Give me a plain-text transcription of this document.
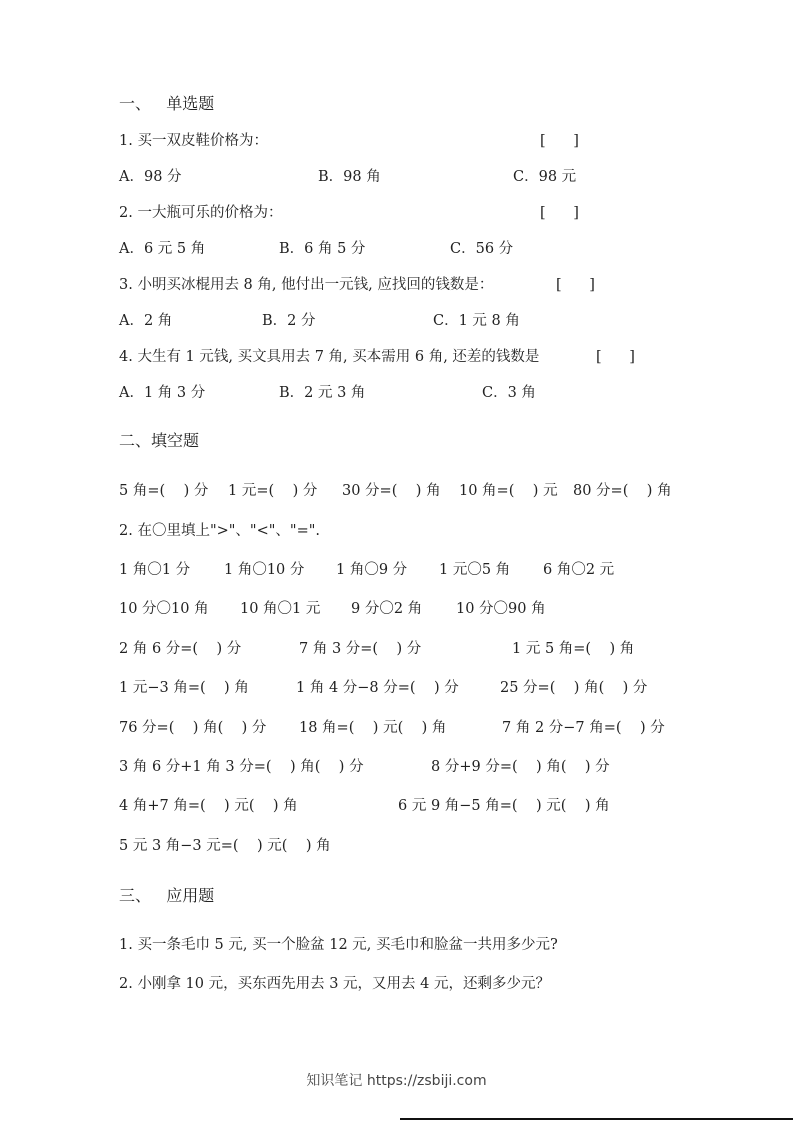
一、   单选题
1. 买一双皮鞋价格为：	[      ]
A．98 分	B．98 角	C．98 元
2. 一大瓶可乐的价格为：	[      ]
A．6 元 5 角	B．6 角 5 分	C．56 分
3. 小明买冰棍用去 8 角, 他付出一元钱, 应找回的钱数是：	[      ]
A．2 角	B．2 分	C．1 元 8 角
4. 大生有 1 元钱, 买文具用去 7 角, 买本需用 6 角, 还差的钱数是	[      ]
A．1 角 3 分	B．2 元 3 角	C．3 角
二、填空题
5 角=(    ) 分 1 元=(    ) 分 30 分=(    ) 角 10 角=(    ) 元 80 分=(    ) 角
2. 在〇里填上">"、"<"、"=".
1 角〇1 分 1 角〇10 分 1 角〇9 分 1 元〇5 角 6 角〇2 元
10 分〇10 角 10 角〇1 元 9 分〇2 角 10 分〇90 角
2 角 6 分=(    ) 分	7 角 3 分=(    ) 分	1 元 5 角=(    ) 角
1 元−3 角=(    ) 角	1 角 4 分−8 分=(    ) 分	25 分=(    ) 角(    ) 分
76 分=(    ) 角(    ) 分 18 角=(    ) 元(    ) 角	7 角 2 分−7 角=(    ) 分
3 角 6 分+1 角 3 分=(    ) 角(    ) 分	8 分+9 分=(    ) 角(    ) 分
4 角+7 角=(    ) 元(    ) 角	6 元 9 角−5 角=(    ) 元(    ) 角
5 元 3 角−3 元=(    ) 元(    ) 角
三、   应用题
1. 买一条毛巾 5 元, 买一个脸盆 12 元, 买毛巾和脸盆一共用多少元?
2. 小刚拿 10 元，买东西先用去 3 元，又用去 4 元，还剩多少元？
知识笔记 https://zsbiji.com
